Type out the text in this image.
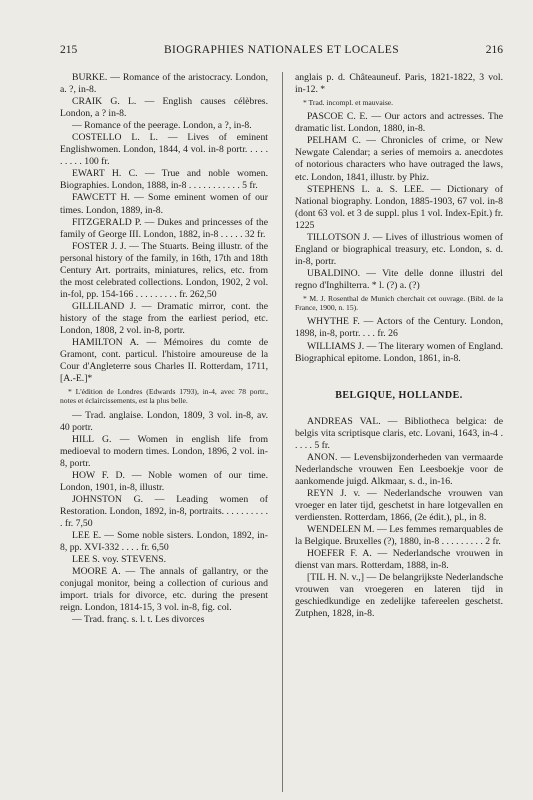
215	BIOGRAPHIES NATIONALES ET LOCALES	216

BURKE. — Romance of the aristocracy. London, a. ?, in-8.

CRAIK G. L. — English causes célèbres. London, a ? in-8.

— Romance of the peerage. London, a ?, in-8.

COSTELLO L. L. — Lives of eminent Englishwomen. London, 1844, 4 vol. in-8 portr. . . . . . . . . . 100 fr.

EWART H. C. — True and noble women. Biographies. London, 1888, in-8 . . . . . . . . . . . 5 fr.

FAWCETT H. — Some eminent women of our times. London, 1889, in-8.

FITZGERALD P. — Dukes and princesses of the family of George III. London, 1882, in-8 . . . . . 32 fr.

FOSTER J. J. — The Stuarts. Being illustr. of the personal history of the family, in 16th, 17th and 18th Century Art. portraits, miniatures, relics, etc. from the most celebrated collections. London, 1902, 2 vol. in-fol, pp. 154-166 . . . . . . . . . fr. 262,50

GILLILAND J. — Dramatic mirror, cont. the history of the stage from the earliest period, etc. London, 1808, 2 vol. in-8, portr.

HAMILTON A. — Mémoires du comte de Gramont, cont. particul. l'histoire amoureuse de la Cour d'Angleterre sous Charles II. Rotterdam, 1711, [A.-E.]*

* L'édition de Londres (Edwards 1793), in-4, avec 78 portr., notes et éclaircissements, est la plus belle.

— Trad. anglaise. London, 1809, 3 vol. in-8, av. 40 portr.

HILL G. — Women in english life from medioeval to modern times. London, 1896, 2 vol. in-8, portr.

HOW F. D. — Noble women of our time. London, 1901, in-8, illustr.

JOHNSTON G. — Leading women of Restoration. London, 1892, in-8, portraits. . . . . . . . . . . fr. 7,50

LEE E. — Some noble sisters. London, 1892, in-8, pp. XVI-332 . . . . fr. 6,50

LEE S. voy. STEVENS.

MOORE A. — The annals of gallantry, or the conjugal monitor, being a collection of curious and import. trials for divorce, etc. during the present reign. London, 1814-15, 3 vol. in-8, fig. col.

— Trad. franç. s. l. t. Les divorces

anglais p. d. Châteauneuf. Paris, 1821-1822, 3 vol. in-12. *

* Trad. incompl. et mauvaise.

PASCOE C. E. — Our actors and actresses. The dramatic list. London, 1880, in-8.

PELHAM C. — Chronicles of crime, or New Newgate Calendar; a series of memoirs a. anecdotes of notorious characters who have outraged the laws, etc. London, 1841, illustr. by Phiz.

STEPHENS L. a. S. LEE. — Dictionary of National biography. London, 1885-1903, 67 vol. in-8 (dont 63 vol. et 3 de suppl. plus 1 vol. Index-Epit.) fr. 1225

TILLOTSON J. — Lives of illustrious women of England or biographical treasury, etc. London, s. d. in-8, portr.

UBALDINO. — Vite delle donne illustri del regno d'Inghilterra. * l. (?) a. (?)

* M. J. Rosenthal de Munich cherchait cet ouvrage. (Bibl. de la France, 1900, n. 15).

WHYTHE F. — Actors of the Century. London, 1898, in-8, portr. . . . fr. 26

WILLIAMS J. — The literary women of England. Biographical epitome. London, 1861, in-8.

BELGIQUE, HOLLANDE.

ANDREAS VAL. — Bibliotheca belgica: de belgis vita scriptisque claris, etc. Lovani, 1643, in-4 . . . . . 5 fr.

ANON. — Levensbijzonderheden van vermaarde Nederlandsche vrouwen Een Leesboekje voor de aankomende juigd. Alkmaar, s. d., in-16.

REYN J. v. — Nederlandsche vrouwen van vroeger en later tijd, geschetst in hare lotgevallen en verdiensten. Rotterdam, 1866, (2e édit.), pl., in 8.

WENDELEN M. — Les femmes remarquables de la Belgique. Bruxelles (?), 1880, in-8 . . . . . . . . . 2 fr.

HOEFER F. A. — Nederlandsche vrouwen in dienst van mars. Rotterdam, 1888, in-8.

[TIL H. N. v.,] — De belangrijkste Nederlandsche vrouwen van vroegeren en lateren tijd in geschiedkundige en zedelijke tafereelen geschetst. Zutphen, 1828, in-8.
